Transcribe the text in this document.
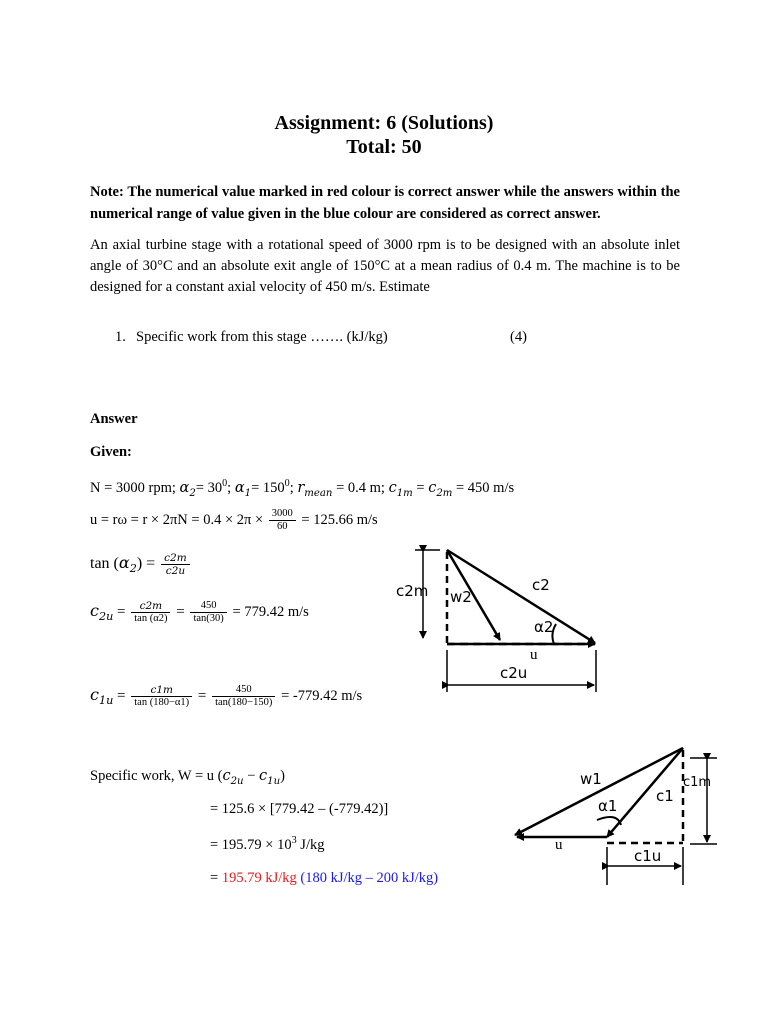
Assignment: 6 (Solutions)
Total: 50
Note: The numerical value marked in red colour is correct answer while the answers within the numerical range of value given in the blue colour are considered as correct answer.
An axial turbine stage with a rotational speed of 3000 rpm is to be designed with an absolute inlet angle of 30°C and an absolute exit angle of 150°C at a mean radius of 0.4 m. The machine is to be designed for a constant axial velocity of 450 m/s. Estimate
1. Specific work from this stage ……. (kJ/kg)	(4)
Answer
Given:
N = 3000 rpm; $\alpha_2= 30^0$; $\alpha_1= 150^0$; $r_{mean} = 0.4$ m; $c_{1m} = c_{2m} = 450$ m/s
$u = r\omega = r \times 2\pi N = 0.4 \times 2\pi \times \frac{3000}{60} = 125.66$ m/s
$\tan (\alpha_2) = \frac{c2m}{c2u}$
$c_{2u} = \frac{c2m}{\tan (\alpha 2)} = \frac{450}{\tan(30)} = 779.42$ m/s
$c_{1u} = \frac{c1m}{\tan (180-\alpha 1)} = \frac{450}{\tan(180-150)} = -779.42$ m/s
Specific work, W = u $(c_{2u} - c_{1u})$
= 125.6 × [779.42 – (-779.42)]
= $195.79 \times 10^3$ J/kg
= 195.79 kJ/kg (180 kJ/kg – 200 kJ/kg)
c2m w2
c2
α2
u
c2u
w1	c1m
α1
c1
u
c1u
